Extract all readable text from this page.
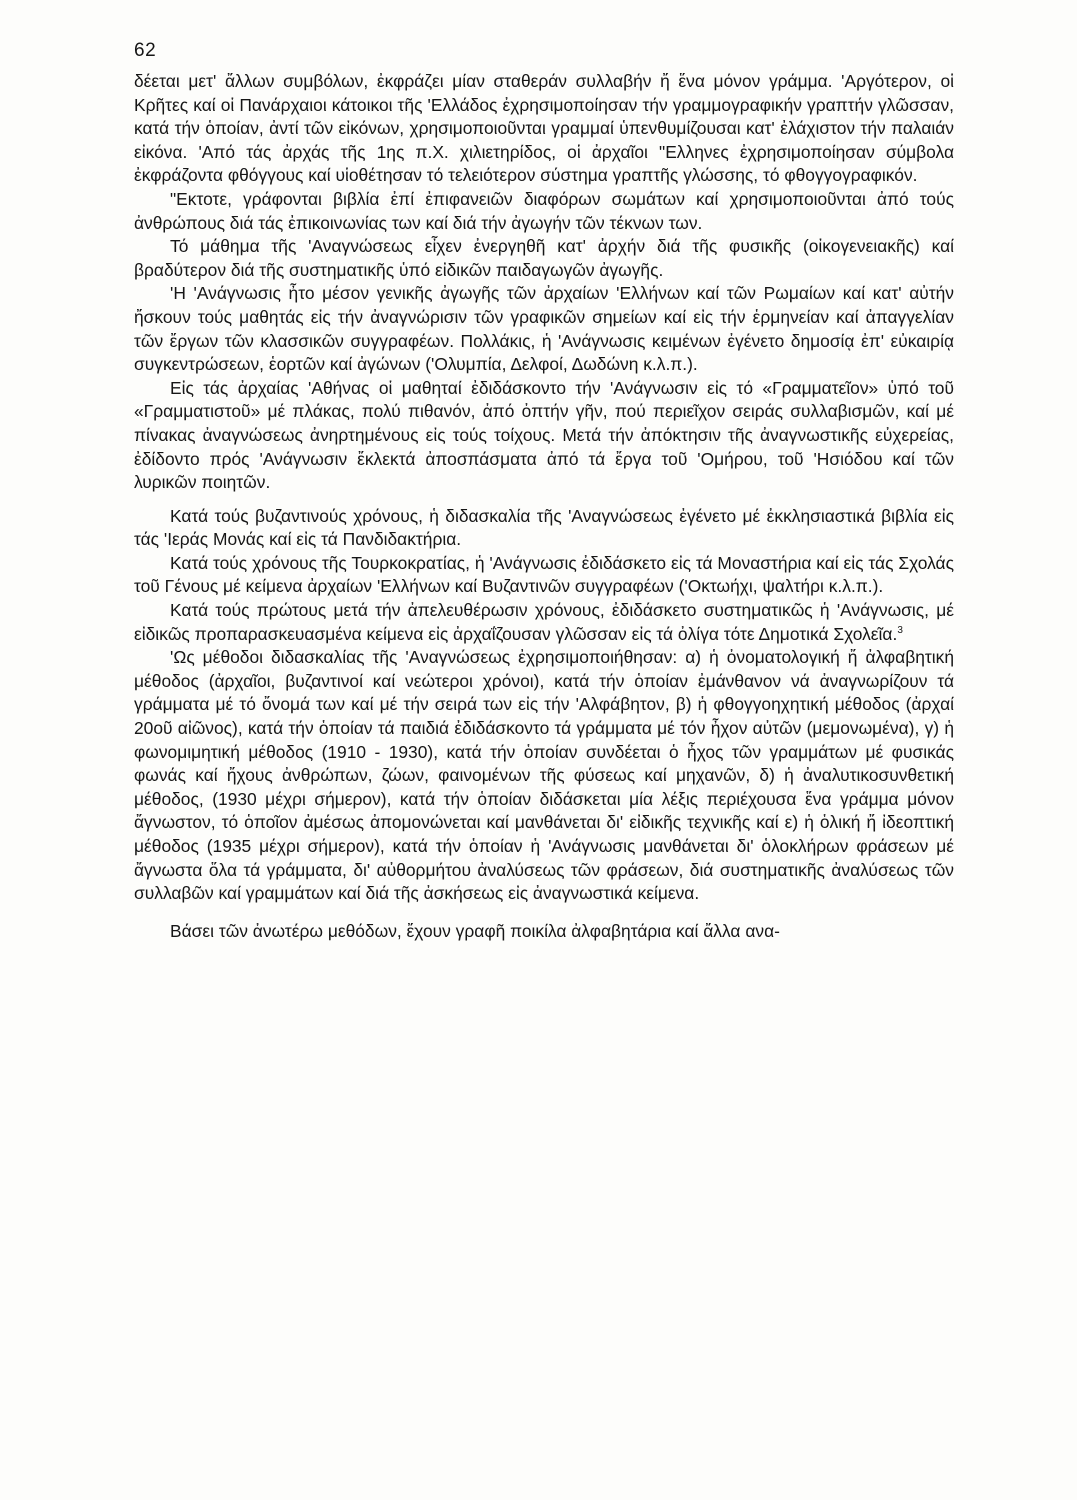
62

δέεται μετ' ἄλλων συμβόλων, ἐκφράζει μίαν σταθεράν συλλαβήν ἤ ἕνα μόνον γράμμα. 'Αργότερον, οἱ Κρῆτες καί οἱ Πανάρχαιοι κάτοικοι τῆς 'Ελλάδος ἐχρησιμοποίησαν τήν γραμμογραφικήν γραπτήν γλῶσσαν, κατά τήν ὁποίαν, ἀντί τῶν εἰκόνων, χρησιμοποιοῦνται γραμμαί ὑπενθυμίζουσαι κατ' ἐλάχιστον τήν παλαιάν εἰκόνα. 'Από τάς ἀρχάς τῆς 1ης π.Χ. χιλιετηρίδος, οἱ ἀρχαῖοι "Ελληνες ἐχρησιμοποίησαν σύμβολα ἐκφράζοντα φθόγγους καί υἱοθέτησαν τό τελειότερον σύστημα γραπτῆς γλώσσης, τό φθογγογραφικόν.

"Εκτοτε, γράφονται βιβλία ἐπί ἐπιφανειῶν διαφόρων σωμάτων καί χρησιμοποιοῦνται ἀπό τούς ἀνθρώπους διά τάς ἐπικοινωνίας των καί διά τήν ἀγωγήν τῶν τέκνων των.

Τό μάθημα τῆς 'Αναγνώσεως εἶχεν ἐνεργηθῆ κατ' ἀρχήν διά τῆς φυσικῆς (οἰκογενειακῆς) καί βραδύτερον διά τῆς συστηματικῆς ὑπό εἰδικῶν παιδαγωγῶν ἀγωγῆς.

'Η 'Ανάγνωσις ἦτο μέσον γενικῆς ἀγωγῆς τῶν ἀρχαίων 'Ελλήνων καί τῶν Ρωμαίων καί κατ' αὐτήν ἤσκουν τούς μαθητάς εἰς τήν ἀναγνώρισιν τῶν γραφικῶν σημείων καί εἰς τήν ἑρμηνείαν καί ἀπαγγελίαν τῶν ἔργων τῶν κλασσικῶν συγγραφέων. Πολλάκις, ἡ 'Ανάγνωσις κειμένων ἐγένετο δημοσίᾳ ἐπ' εὐκαιρίᾳ συγκεντρώσεων, ἑορτῶν καί ἀγώνων ('Ολυμπία, Δελφοί, Δωδώνη κ.λ.π.).

Εἰς τάς ἀρχαίας 'Αθήνας οἱ μαθηταί ἐδιδάσκοντο τήν 'Ανάγνωσιν εἰς τό «Γραμματεῖον» ὑπό τοῦ «Γραμματιστοῦ» μέ πλάκας, πολύ πιθανόν, ἀπό ὀπτήν γῆν, πού περιεῖχον σειράς συλλαβισμῶν, καί μέ πίνακας ἀναγνώσεως ἀνηρτημένους εἰς τούς τοίχους. Μετά τήν ἀπόκτησιν τῆς ἀναγνωστικῆς εὐχερείας, ἐδίδοντο πρός 'Ανάγνωσιν ἔκλεκτά ἀποσπάσματα ἀπό τά ἔργα τοῦ 'Ομήρου, τοῦ 'Ησιόδου καί τῶν λυρικῶν ποιητῶν.

Κατά τούς βυζαντινούς χρόνους, ἡ διδασκαλία τῆς 'Αναγνώσεως ἐγένετο μέ ἐκκλησιαστικά βιβλία εἰς τάς 'Ιεράς Μονάς καί εἰς τά Πανδιδακτήρια.

Κατά τούς χρόνους τῆς Τουρκοκρατίας, ἡ 'Ανάγνωσις ἐδιδάσκετο εἰς τά Μοναστήρια καί εἰς τάς Σχολάς τοῦ Γένους μέ κείμενα ἀρχαίων 'Ελλήνων καί Βυζαντινῶν συγγραφέων ('Οκτωήχι, ψαλτήρι κ.λ.π.).

Κατά τούς πρώτους μετά τήν ἀπελευθέρωσιν χρόνους, ἐδιδάσκετο συστηματικῶς ἡ 'Ανάγνωσις, μέ εἰδικῶς προπαρασκευασμένα κείμενα εἰς ἀρχαΐζουσαν γλῶσσαν εἰς τά ὀλίγα τότε Δημοτικά Σχολεῖα.$^3$

'Ως μέθοδοι διδασκαλίας τῆς 'Αναγνώσεως ἐχρησιμοποιήθησαν: α) ἡ ὀνοματολογική ἤ ἀλφαβητική μέθοδος (ἀρχαῖοι, βυζαντινοί καί νεώτεροι χρόνοι), κατά τήν ὁποίαν ἐμάνθανον νά ἀναγνωρίζουν τά γράμματα μέ τό ὄνομά των καί μέ τήν σειρά των εἰς τήν 'Αλφάβητον, β) ἡ φθογγοηχητική μέθοδος (ἀρχαί 20οῦ αἰῶνος), κατά τήν ὁποίαν τά παιδιά ἐδιδάσκοντο τά γράμματα μέ τόν ἦχον αὐτῶν (μεμονωμένα), γ) ἡ φωνομιμητική μέθοδος (1910 - 1930), κατά τήν ὁποίαν συνδέεται ὁ ἦχος τῶν γραμμάτων μέ φυσικάς φωνάς καί ἤχους ἀνθρώπων, ζώων, φαινομένων τῆς φύσεως καί μηχανῶν, δ) ἡ ἀναλυτικοσυνθετική μέθοδος, (1930 μέχρι σήμερον), κατά τήν ὁποίαν διδάσκεται μία λέξις περιέχουσα ἕνα γράμμα μόνον ἄγνωστον, τό ὁποῖον ἀμέσως ἀπομονώνεται καί μανθάνεται δι' εἰδικῆς τεχνικῆς καί ε) ἡ ὁλική ἤ ἰδεοπτική μέθοδος (1935 μέχρι σήμερον), κατά τήν ὁποίαν ἡ 'Ανάγνωσις μανθάνεται δι' ὁλοκλήρων φράσεων μέ ἄγνωστα ὅλα τά γράμματα, δι' αὐθορμήτου ἀναλύσεως τῶν φράσεων, διά συστηματικῆς ἀναλύσεως τῶν συλλαβῶν καί γραμμάτων καί διά τῆς ἀσκήσεως εἰς ἀναγνωστικά κείμενα.

Βάσει τῶν ἀνωτέρω μεθόδων, ἔχουν γραφῆ ποικίλα ἀλφαβητάρια καί ἄλλα ανα-
